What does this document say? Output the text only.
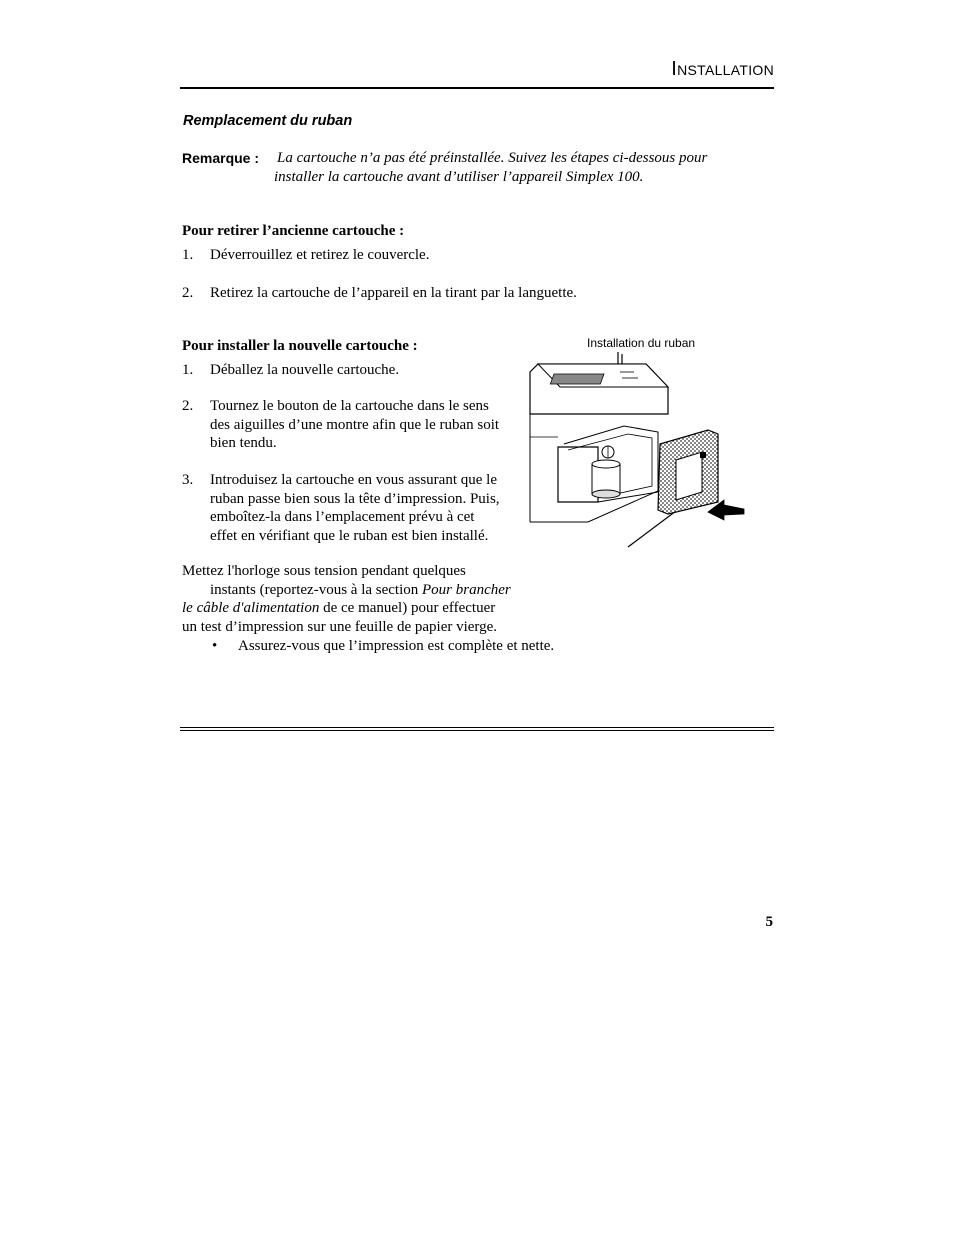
INSTALLATION
Remplacement du ruban
Remarque : La cartouche n’a pas été préinstallée. Suivez les étapes ci-dessous pour
installer la cartouche avant d’utiliser l’appareil Simplex 100.
Pour retirer l’ancienne cartouche :
1. Déverrouillez et retirez le couvercle.
2. Retirez la cartouche de l’appareil en la tirant par la languette.
Pour installer la nouvelle cartouche :
1. Déballez la nouvelle cartouche.
2. Tournez le bouton de la cartouche dans le sens
des aiguilles d’une montre afin que le ruban soit
bien tendu.
3. Introduisez la cartouche en vous assurant que le
ruban passe bien sous la tête d’impression. Puis,
emboîtez-la dans l’emplacement prévu à cet
effet en vérifiant que le ruban est bien installé.
Installation du ruban
Mettez l'horloge sous tension pendant quelques
instants (reportez-vous à la section Pour brancher
le câble d'alimentation de ce manuel) pour effectuer
un test d’impression sur une feuille de papier vierge.
• Assurez-vous que l’impression est complète et nette.
5
